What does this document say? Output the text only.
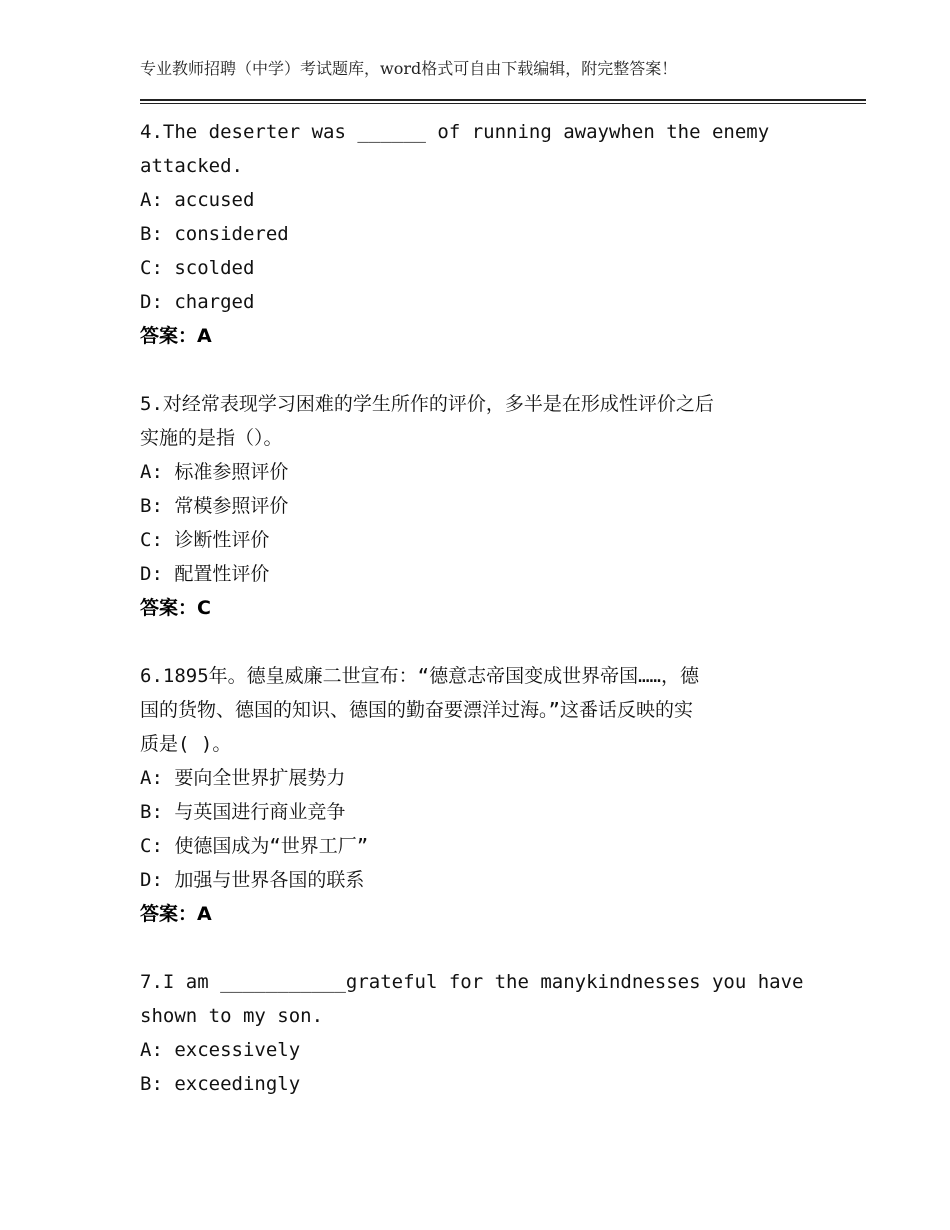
专业教师招聘（中学）考试题库，word格式可自由下载编辑，附完整答案！
4.The deserter was ______ of running awaywhen the enemy
attacked.
A: accused
B: considered
C: scolded
D: charged
答案：A
5.对经常表现学习困难的学生所作的评价，多半是在形成性评价之后
实施的是指（）。
A: 标准参照评价
B: 常模参照评价
C: 诊断性评价
D: 配置性评价
答案：C
6.1895年。德皇威廉二世宣布：“德意志帝国变成世界帝国……，德
国的货物、德国的知识、德国的勤奋要漂洋过海。”这番话反映的实
质是( )。
A: 要向全世界扩展势力
B: 与英国进行商业竞争
C: 使德国成为“世界工厂”
D: 加强与世界各国的联系
答案：A
7.I am ___________grateful for the manykindnesses you have
shown to my son.
A: excessively
B: exceedingly
